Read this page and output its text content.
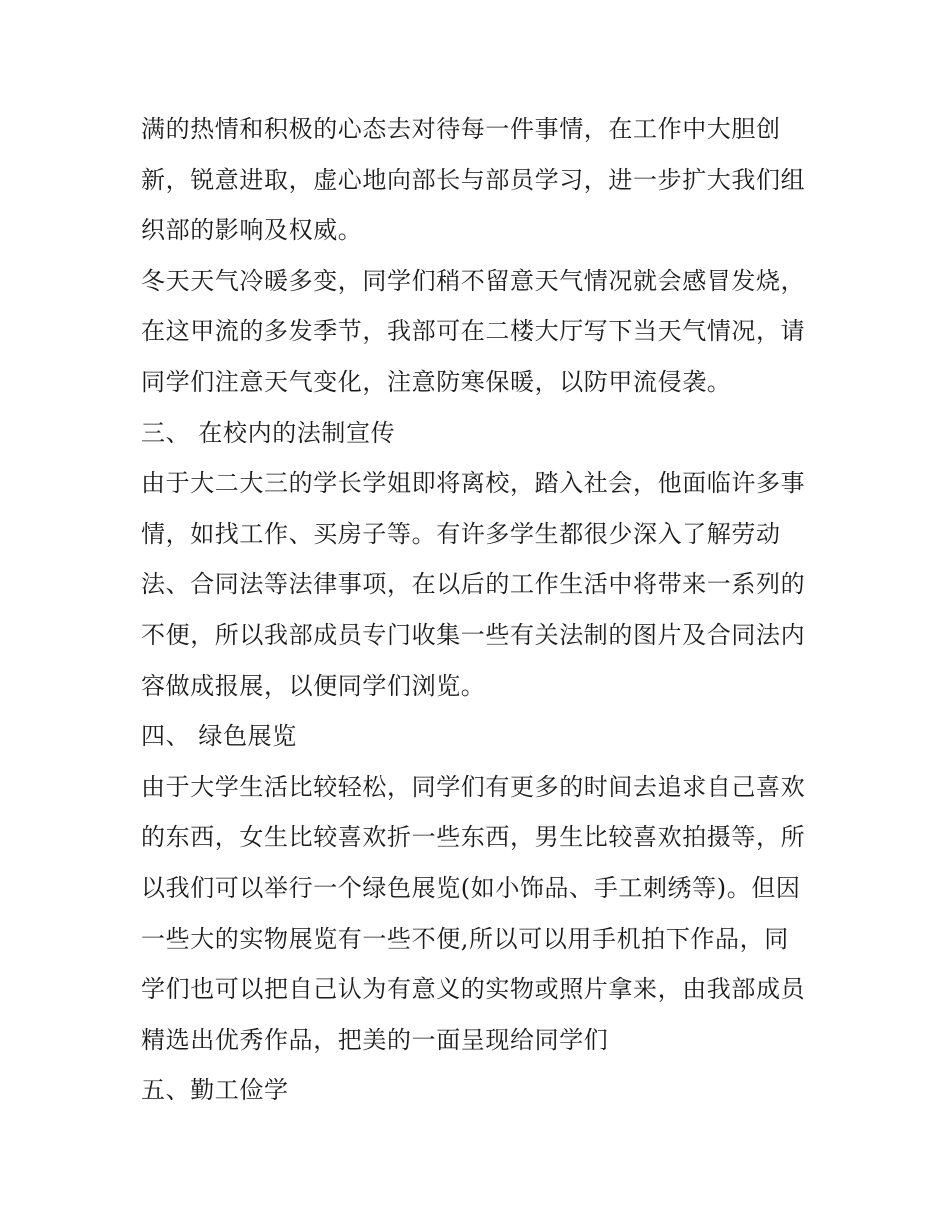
满的热情和积极的心态去对待每一件事情，在工作中大胆创
新，锐意进取，虚心地向部长与部员学习，进一步扩大我们组
织部的影响及权威。
冬天天气冷暖多变，同学们稍不留意天气情况就会感冒发烧，
在这甲流的多发季节，我部可在二楼大厅写下当天气情况，请
同学们注意天气变化，注意防寒保暖，以防甲流侵袭。
三、 在校内的法制宣传
由于大二大三的学长学姐即将离校，踏入社会，他面临许多事
情，如找工作、买房子等。有许多学生都很少深入了解劳动
法、合同法等法律事项，在以后的工作生活中将带来一系列的
不便，所以我部成员专门收集一些有关法制的图片及合同法内
容做成报展，以便同学们浏览。
四、 绿色展览
由于大学生活比较轻松，同学们有更多的时间去追求自己喜欢
的东西，女生比较喜欢折一些东西，男生比较喜欢拍摄等，所
以我们可以举行一个绿色展览(如小饰品、手工刺绣等)。但因
一些大的实物展览有一些不便,所以可以用手机拍下作品，同
学们也可以把自己认为有意义的实物或照片拿来，由我部成员
精选出优秀作品，把美的一面呈现给同学们
五、勤工俭学
